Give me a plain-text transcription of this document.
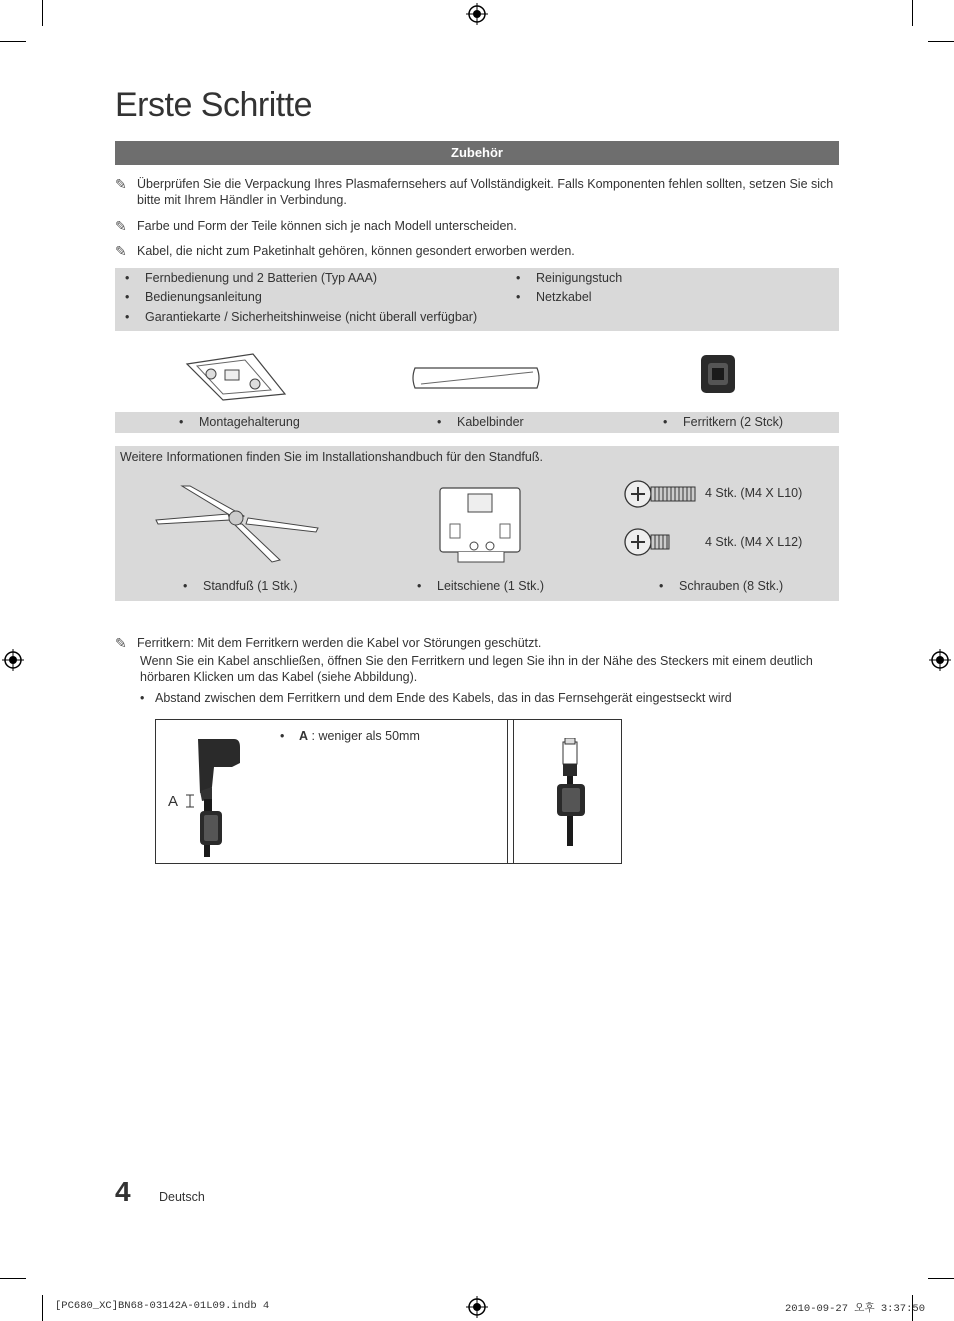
Erste Schritte
Zubehör
✎ Überprüfen Sie die Verpackung Ihres Plasmafernsehers auf Vollständigkeit. Falls Komponenten fehlen sollten, setzen Sie sich bitte mit Ihrem Händler in Verbindung.
✎ Farbe und Form der Teile können sich je nach Modell unterscheiden.
✎ Kabel, die nicht zum Paketinhalt gehören, können gesondert erworben werden.
• Fernbedienung und 2 Batterien (Typ AAA)
• Bedienungsanleitung
• Garantiekarte / Sicherheitshinweise (nicht überall verfügbar)
• Reinigungstuch
• Netzkabel
• Montagehalterung	• Kabelbinder	• Ferritkern (2 Stck)
Weitere Informationen finden Sie im Installationshandbuch für den Standfuß.
4 Stk. (M4 X L10)
4 Stk. (M4 X L12)
• Standfuß (1 Stk.)	• Leitschiene (1 Stk.)	• Schrauben (8 Stk.)
✎ Ferritkern: Mit dem Ferritkern werden die Kabel vor Störungen geschützt.
Wenn Sie ein Kabel anschließen, öffnen Sie den Ferritkern und legen Sie ihn in der Nähe des Steckers mit einem deutlich hörbaren Klicken um das Kabel (siehe Abbildung).
• Abstand zwischen dem Ferritkern und dem Ende des Kabels, das in das Fernsehgerät eingestseckt wird
• A : weniger als 50mm
A
4 Deutsch
[PC680_XC]BN68-03142A-01L09.indb 4	2010-09-27 오후 3:37:50
